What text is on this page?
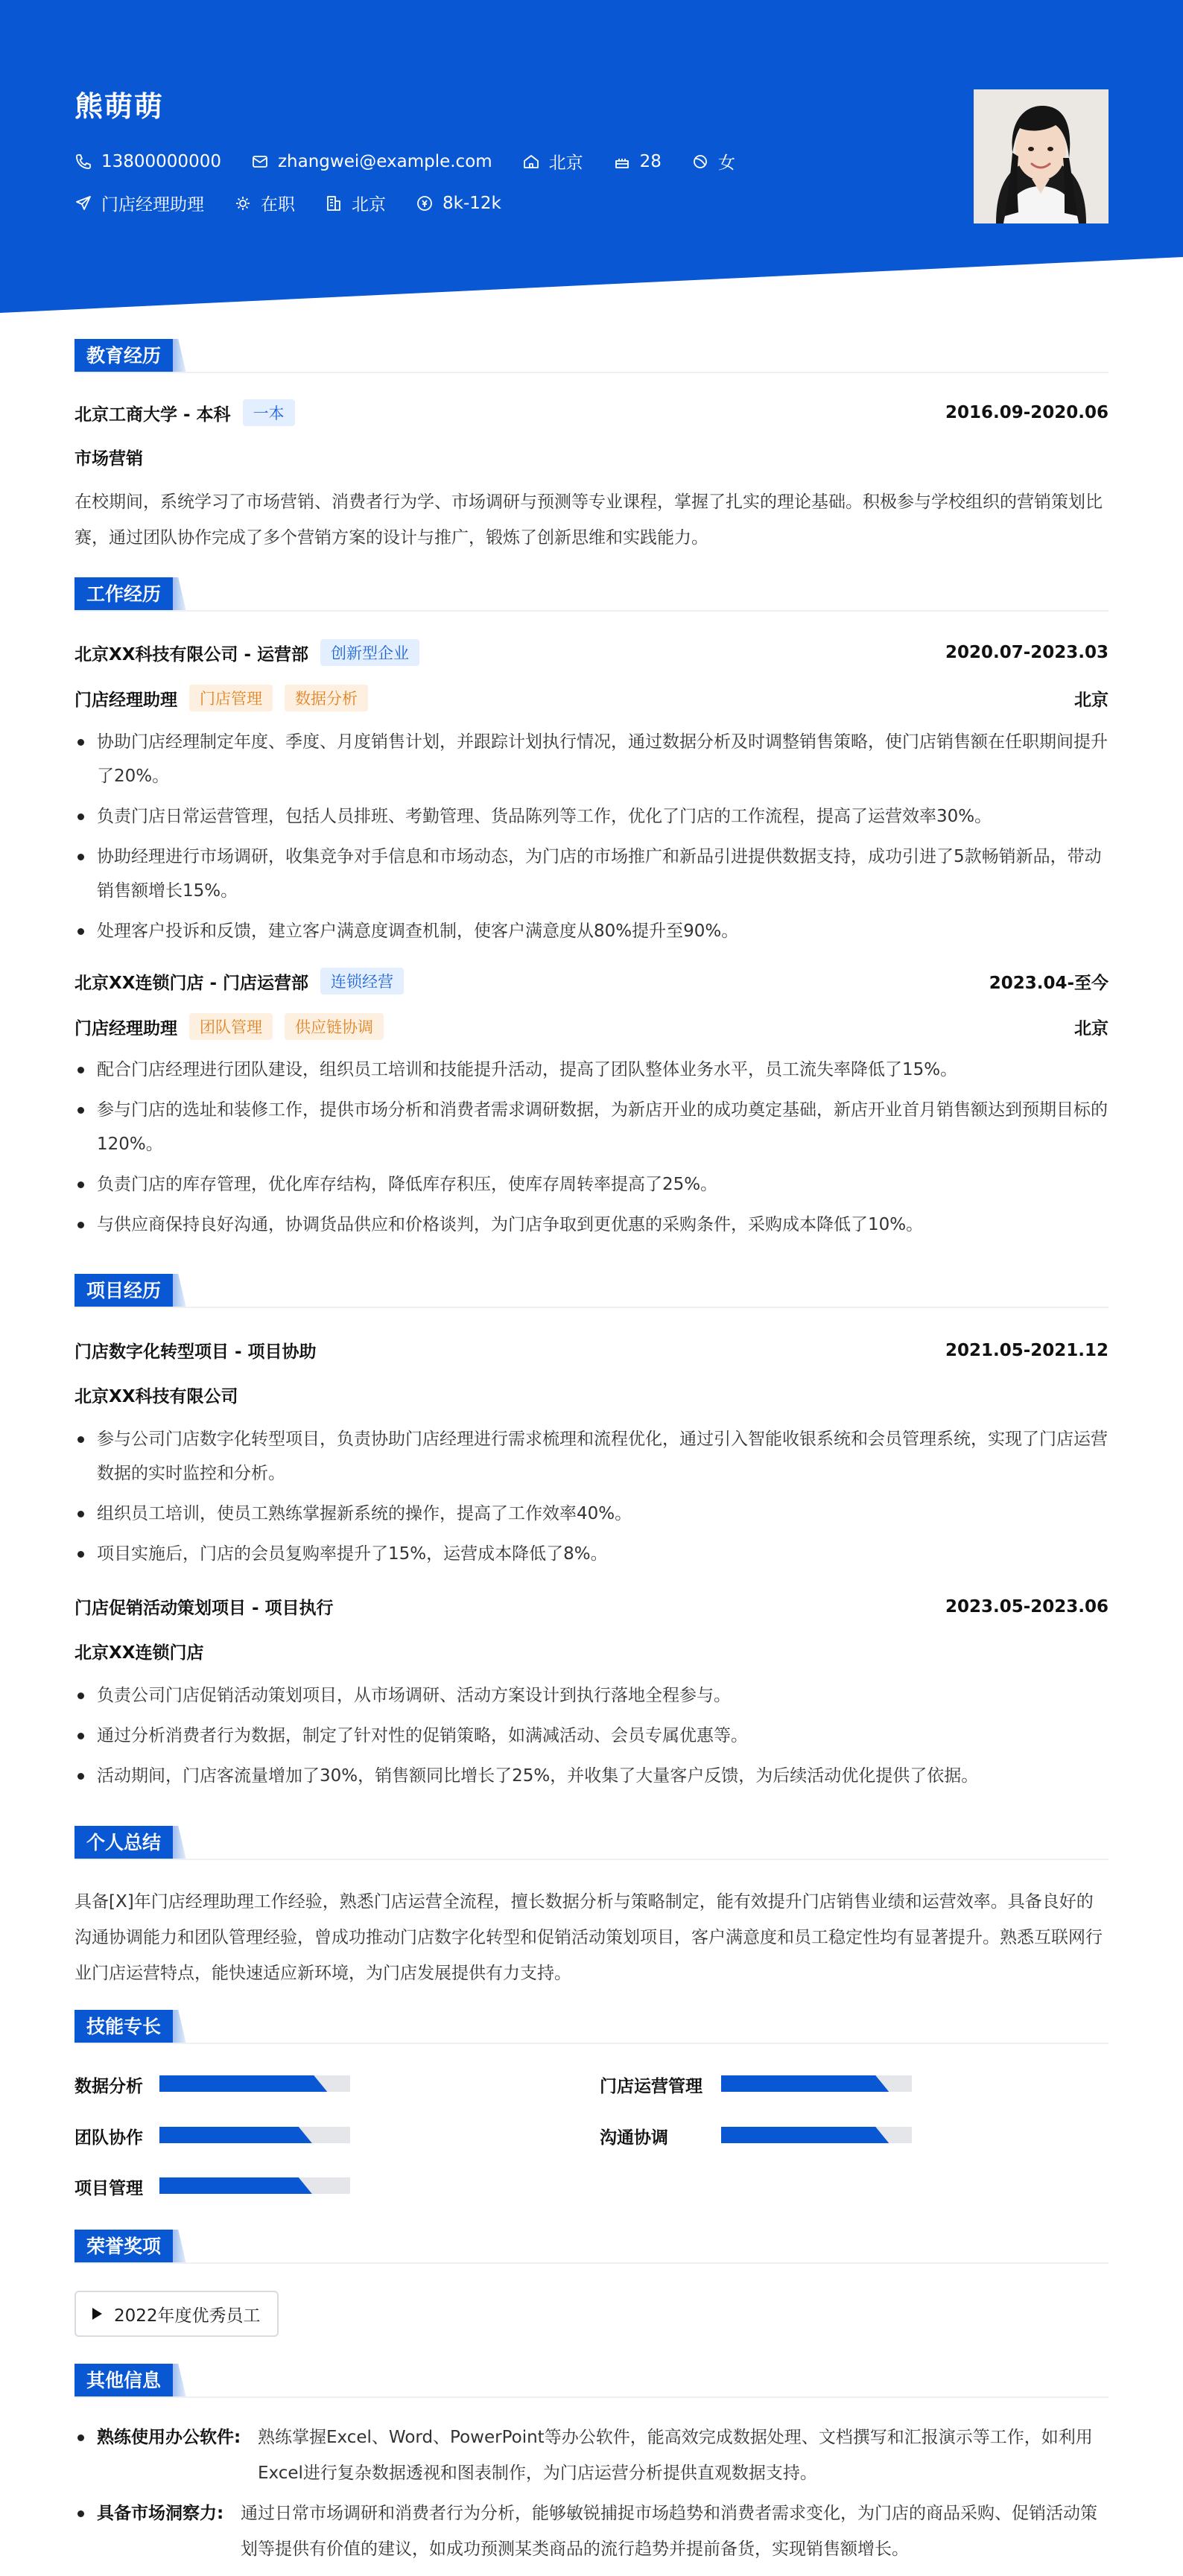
熊萌萌
13800000000	zhangwei@example.com	北京	28	女
门店经理助理	在职	北京	8k-12k
教育经历
北京工商大学 - 本科	一本	2016.09-2020.06
市场营销
在校期间，系统学习了市场营销、消费者行为学、市场调研与预测等专业课程，掌握了扎实的理论基础。积极参与学校组织的营销策划比赛，通过团队协作完成了多个营销方案的设计与推广，锻炼了创新思维和实践能力。
工作经历
北京XX科技有限公司 - 运营部	创新型企业	2020.07-2023.03
门店经理助理	门店管理	数据分析	北京
协助门店经理制定年度、季度、月度销售计划，并跟踪计划执行情况，通过数据分析及时调整销售策略，使门店销售额在任职期间提升了20%。
负责门店日常运营管理，包括人员排班、考勤管理、货品陈列等工作，优化了门店的工作流程，提高了运营效率30%。
协助经理进行市场调研，收集竞争对手信息和市场动态，为门店的市场推广和新品引进提供数据支持，成功引进了5款畅销新品，带动销售额增长15%。
处理客户投诉和反馈，建立客户满意度调查机制，使客户满意度从80%提升至90%。
北京XX连锁门店 - 门店运营部	连锁经营	2023.04-至今
门店经理助理	团队管理	供应链协调	北京
配合门店经理进行团队建设，组织员工培训和技能提升活动，提高了团队整体业务水平，员工流失率降低了15%。
参与门店的选址和装修工作，提供市场分析和消费者需求调研数据，为新店开业的成功奠定基础，新店开业首月销售额达到预期目标的120%。
负责门店的库存管理，优化库存结构，降低库存积压，使库存周转率提高了25%。
与供应商保持良好沟通，协调货品供应和价格谈判，为门店争取到更优惠的采购条件，采购成本降低了10%。
项目经历
门店数字化转型项目 - 项目协助	2021.05-2021.12
北京XX科技有限公司
参与公司门店数字化转型项目，负责协助门店经理进行需求梳理和流程优化，通过引入智能收银系统和会员管理系统，实现了门店运营数据的实时监控和分析。
组织员工培训，使员工熟练掌握新系统的操作，提高了工作效率40%。
项目实施后，门店的会员复购率提升了15%，运营成本降低了8%。
门店促销活动策划项目 - 项目执行	2023.05-2023.06
北京XX连锁门店
负责公司门店促销活动策划项目，从市场调研、活动方案设计到执行落地全程参与。
通过分析消费者行为数据，制定了针对性的促销策略，如满减活动、会员专属优惠等。
活动期间，门店客流量增加了30%，销售额同比增长了25%，并收集了大量客户反馈，为后续活动优化提供了依据。
个人总结
具备[X]年门店经理助理工作经验，熟悉门店运营全流程，擅长数据分析与策略制定，能有效提升门店销售业绩和运营效率。具备良好的沟通协调能力和团队管理经验，曾成功推动门店数字化转型和促销活动策划项目，客户满意度和员工稳定性均有显著提升。熟悉互联网行业门店运营特点，能快速适应新环境，为门店发展提供有力支持。
技能专长
数据分析	门店运营管理
团队协作	沟通协调
项目管理
荣誉奖项
2022年度优秀员工
其他信息
熟练使用办公软件: 熟练掌握Excel、Word、PowerPoint等办公软件，能高效完成数据处理、文档撰写和汇报演示等工作，如利用Excel进行复杂数据透视和图表制作，为门店运营分析提供直观数据支持。
具备市场洞察力: 通过日常市场调研和消费者行为分析，能够敏锐捕捉市场趋势和消费者需求变化，为门店的商品采购、促销活动策划等提供有价值的建议，如成功预测某类商品的流行趋势并提前备货，实现销售额增长。
